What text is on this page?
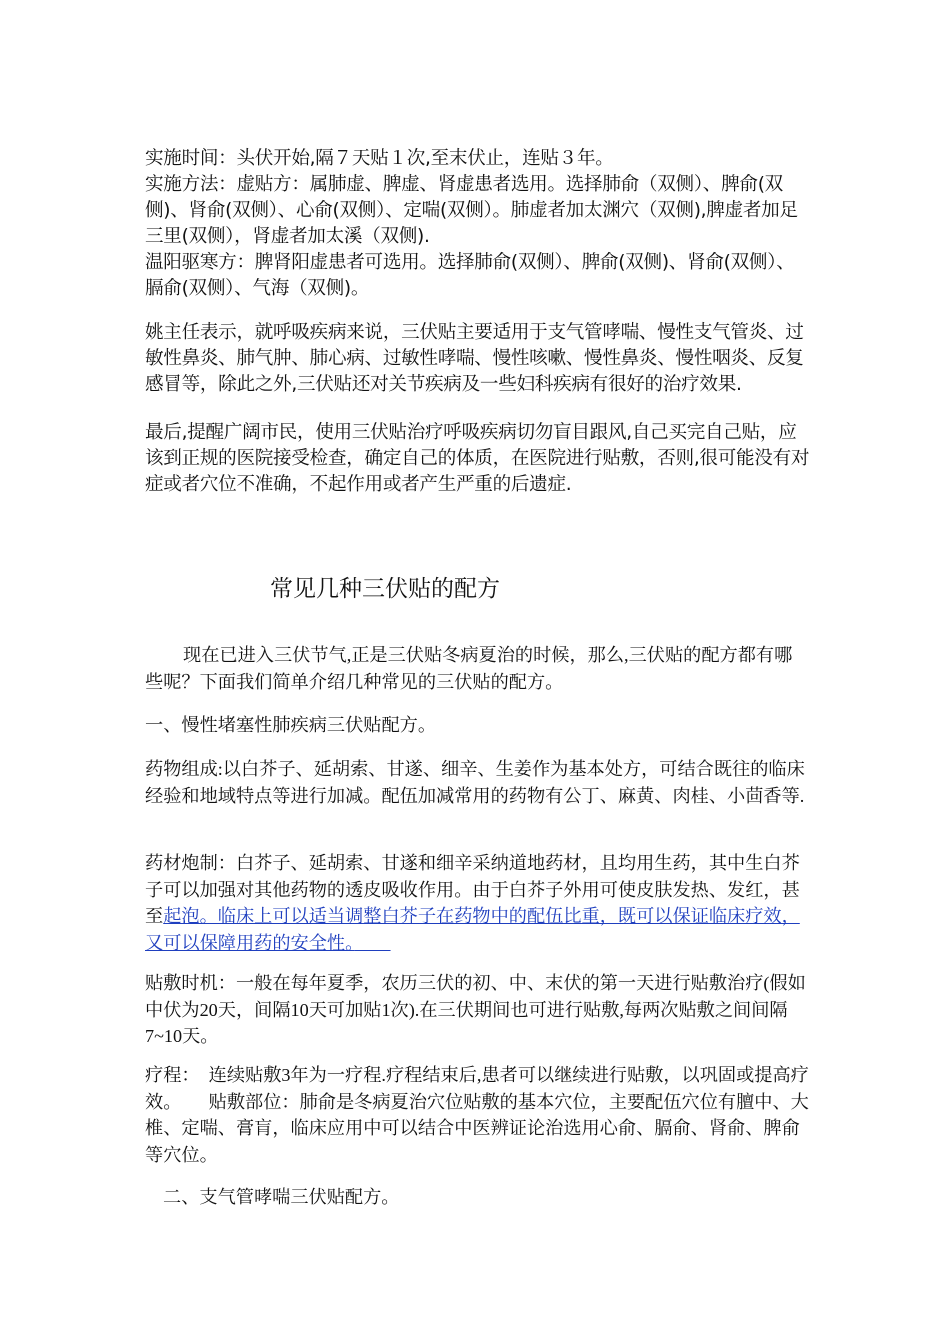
实施时间：头伏开始,隔７天贴１次,至末伏止，连贴３年。

实施方法：虚贴方：属肺虚、脾虚、肾虚患者选用。选择肺俞（双侧）、脾俞(双侧)、肾俞(双侧）、心俞(双侧）、定喘(双侧）。肺虚者加太渊穴（双侧),脾虚者加足三里(双侧），肾虚者加太溪（双侧).

温阳驱寒方：脾肾阳虚患者可选用。选择肺俞(双侧）、脾俞(双侧)、肾俞(双侧）、膈俞(双侧）、气海（双侧)。

姚主任表示，就呼吸疾病来说，三伏贴主要适用于支气管哮喘、慢性支气管炎、过敏性鼻炎、肺气肿、肺心病、过敏性哮喘、慢性咳嗽、慢性鼻炎、慢性咽炎、反复感冒等，除此之外,三伏贴还对关节疾病及一些妇科疾病有很好的治疗效果.

最后,提醒广阔市民，使用三伏贴治疗呼吸疾病切勿盲目跟风,自己买完自己贴，应该到正规的医院接受检查，确定自己的体质，在医院进行贴敷，否则,很可能没有对症或者穴位不准确，不起作用或者产生严重的后遗症.

常见几种三伏贴的配方

现在已进入三伏节气,正是三伏贴冬病夏治的时候，那么,三伏贴的配方都有哪些呢？下面我们简单介绍几种常见的三伏贴的配方。

一、慢性堵塞性肺疾病三伏贴配方。

药物组成:以白芥子、延胡索、甘遂、细辛、生姜作为基本处方，可结合既往的临床经验和地域特点等进行加减。配伍加减常用的药物有公丁、麻黄、肉桂、小茴香等.

药材炮制：白芥子、延胡索、甘遂和细辛采纳道地药材，且均用生药，其中生白芥子可以加强对其他药物的透皮吸收作用。由于白芥子外用可使皮肤发热、发红，甚至起泡。临床上可以适当调整白芥子在药物中的配伍比重，既可以保证临床疗效，又可以保障用药的安全性。　　

贴敷时机：一般在每年夏季，农历三伏的初、中、末伏的第一天进行贴敷治疗(假如中伏为20天，间隔10天可加贴1次).在三伏期间也可进行贴敷,每两次贴敷之间间隔7~10天。

疗程：　连续贴敷3年为一疗程.疗程结束后,患者可以继续进行贴敷，以巩固或提高疗效。　　贴敷部位：肺俞是冬病夏治穴位贴敷的基本穴位，主要配伍穴位有膻中、大椎、定喘、膏肓，临床应用中可以结合中医辨证论治选用心俞、膈俞、肾俞、脾俞等穴位。

二、支气管哮喘三伏贴配方。
